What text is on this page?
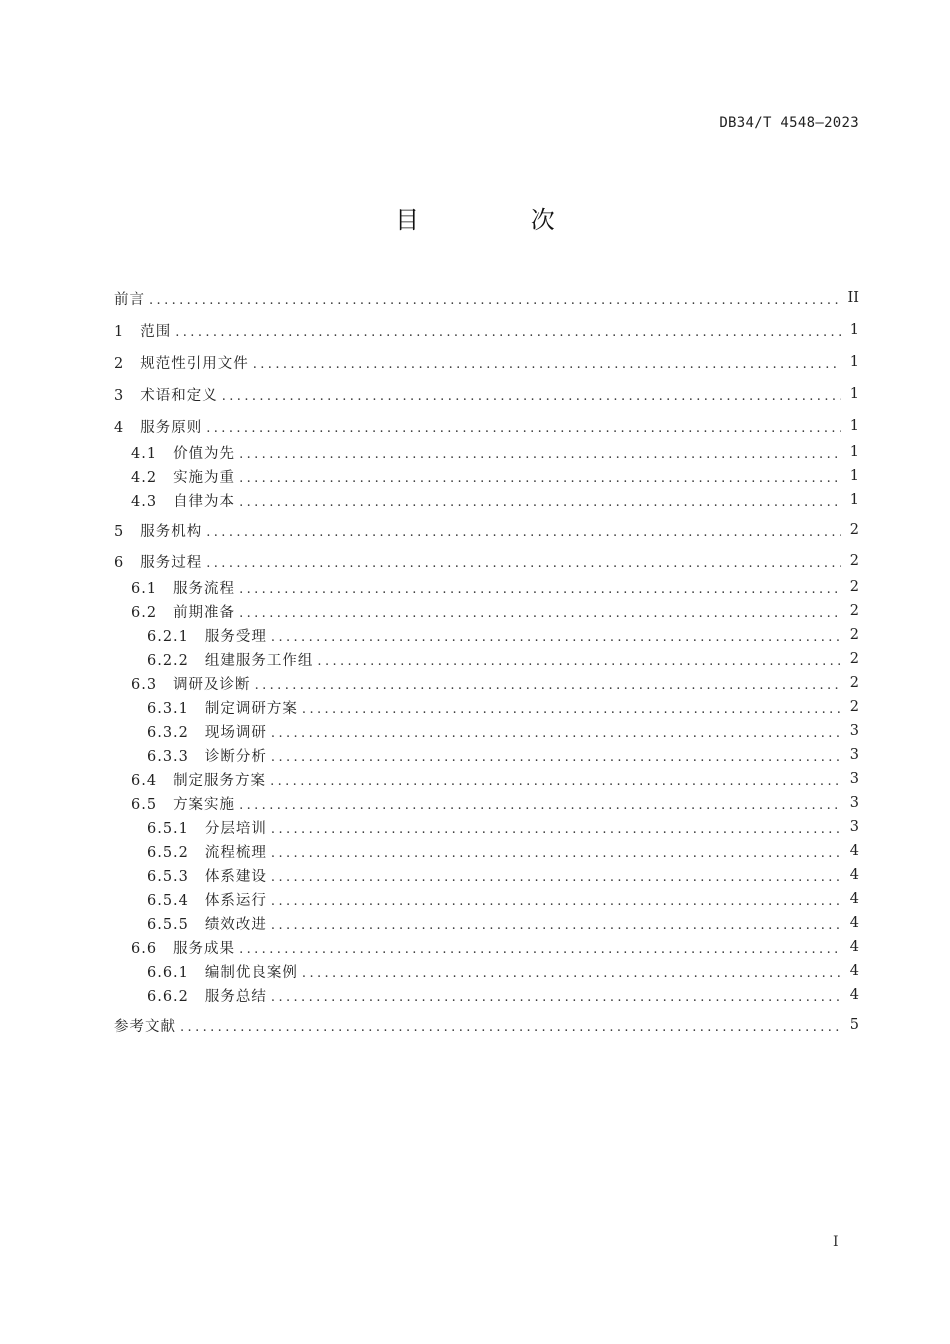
DB34/T 4548—2023
目 次
前言 .....	II
1 范围 .....	1
2 规范性引用文件 .....	1
3 术语和定义 .....	1
4 服务原则 .....	1
4.1 价值为先 .....	1
4.2 实施为重 .....	1
4.3 自律为本 .....	1
5 服务机构 .....	2
6 服务过程 .....	2
6.1 服务流程 .....	2
6.2 前期准备 .....	2
6.2.1 服务受理 .....	2
6.2.2 组建服务工作组 .....	2
6.3 调研及诊断 .....	2
6.3.1 制定调研方案 .....	2
6.3.2 现场调研 .....	3
6.3.3 诊断分析 .....	3
6.4 制定服务方案 .....	3
6.5 方案实施 .....	3
6.5.1 分层培训 .....	3
6.5.2 流程梳理 .....	4
6.5.3 体系建设 .....	4
6.5.4 体系运行 .....	4
6.5.5 绩效改进 .....	4
6.6 服务成果 .....	4
6.6.1 编制优良案例 .....	4
6.6.2 服务总结 .....	4
参考文献 .....	5
I
